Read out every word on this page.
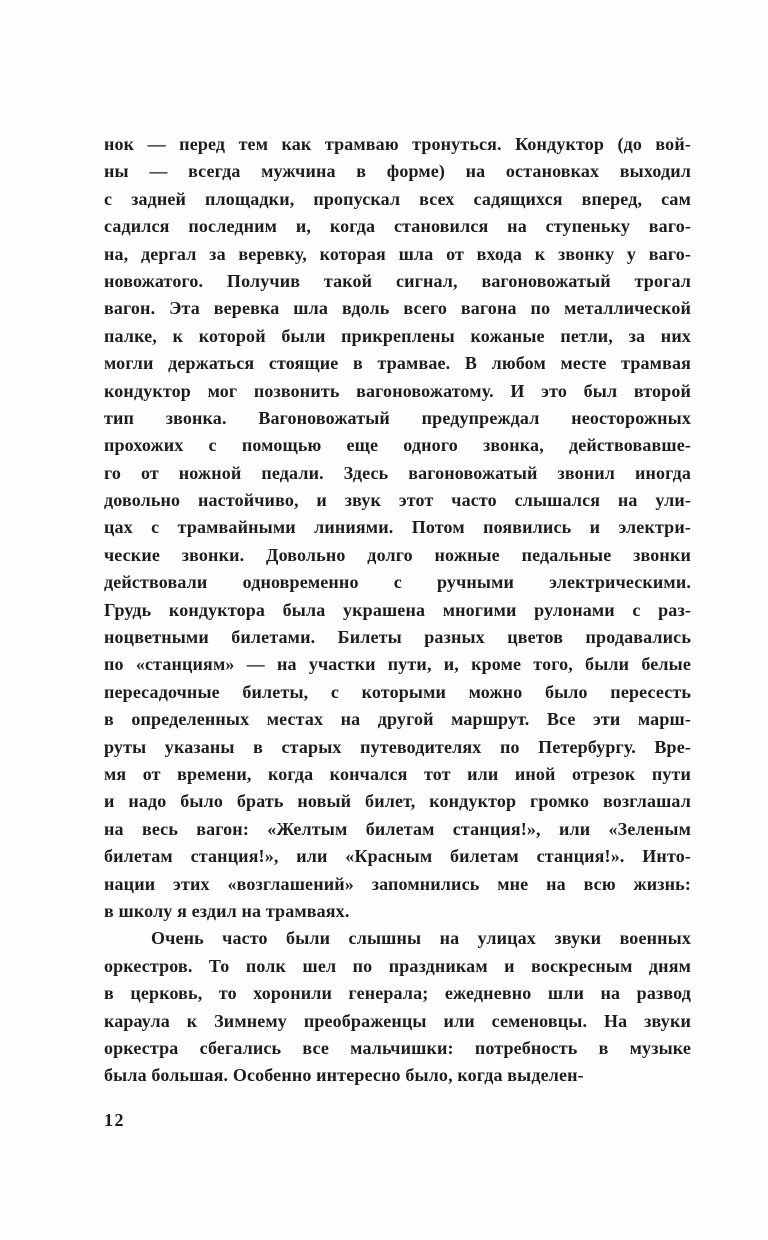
нок — перед тем как трамваю тронуться. Кондуктор (до вой-
ны — всегда мужчина в форме) на остановках выходил
с задней площадки, пропускал всех садящихся вперед, сам
садился последним и, когда становился на ступеньку ваго-
на, дергал за веревку, которая шла от входа к звонку у ваго-
новожатого. Получив такой сигнал, вагоновожатый трогал
вагон. Эта веревка шла вдоль всего вагона по металлической
палке, к которой были прикреплены кожаные петли, за них
могли держаться стоящие в трамвае. В любом месте трамвая
кондуктор мог позвонить вагоновожатому. И это был второй
тип звонка. Вагоновожатый предупреждал неосторожных
прохожих с помощью еще одного звонка, действовавше-
го от ножной педали. Здесь вагоновожатый звонил иногда
довольно настойчиво, и звук этот часто слышался на ули-
цах с трамвайными линиями. Потом появились и электри-
ческие звонки. Довольно долго ножные педальные звонки
действовали одновременно с ручными электрическими.
Грудь кондуктора была украшена многими рулонами с раз-
ноцветными билетами. Билеты разных цветов продавались
по «станциям» — на участки пути, и, кроме того, были белые
пересадочные билеты, с которыми можно было пересесть
в определенных местах на другой маршрут. Все эти марш-
руты указаны в старых путеводителях по Петербургу. Вре-
мя от времени, когда кончался тот или иной отрезок пути
и надо было брать новый билет, кондуктор громко возглашал
на весь вагон: «Желтым билетам станция!», или «Зеленым
билетам станция!», или «Красным билетам станция!». Инто-
нации этих «возглашений» запомнились мне на всю жизнь:
в школу я ездил на трамваях.
Очень часто были слышны на улицах звуки военных
оркестров. То полк шел по праздникам и воскресным дням
в церковь, то хоронили генерала; ежедневно шли на развод
караула к Зимнему преображенцы или семеновцы. На звуки
оркестра сбегались все мальчишки: потребность в музыке
была большая. Особенно интересно было, когда выделен-
12
